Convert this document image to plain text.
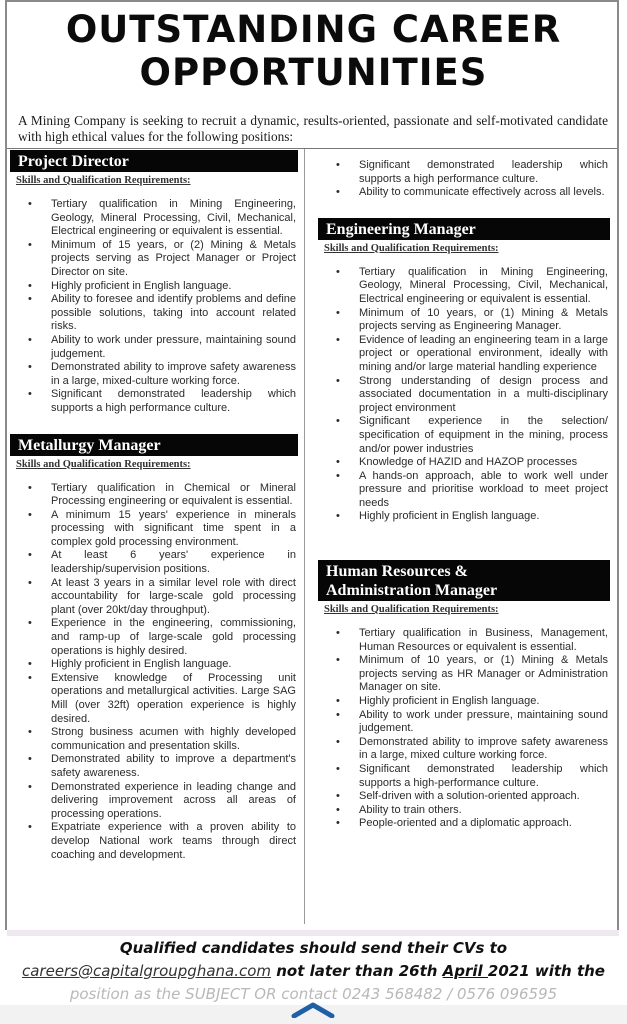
OUTSTANDING CAREER
OPPORTUNITIES
A Mining Company is seeking to recruit a dynamic, results-oriented, passionate and self-motivated candidate with high ethical values for the following positions:
Project Director
Skills and Qualification Requirements:
• Tertiary qualification in Mining Engineering, Geology, Mineral Processing, Civil, Mechanical, Electrical engineering or equivalent is essential.
• Minimum of 15 years, or (2) Mining & Metals projects serving as Project Manager or Project Director on site.
• Highly proficient in English language.
• Ability to foresee and identify problems and define possible solutions, taking into account related risks.
• Ability to work under pressure, maintaining sound judgement.
• Demonstrated ability to improve safety awareness in a large, mixed-culture working force.
• Significant demonstrated leadership which supports a high performance culture.
Metallurgy Manager
Skills and Qualification Requirements:
• Tertiary qualification in Chemical or Mineral Processing engineering or equivalent is essential.
• A minimum 15 years' experience in minerals processing with significant time spent in a complex gold processing environment.
• At least 6 years' experience in leadership/supervision positions.
• At least 3 years in a similar level role with direct accountability for large-scale gold processing plant (over 20kt/day throughput).
• Experience in the engineering, commissioning, and ramp-up of large-scale gold processing operations is highly desired.
• Highly proficient in English language.
• Extensive knowledge of Processing unit operations and metallurgical activities. Large SAG Mill (over 32ft) operation experience is highly desired.
• Strong business acumen with highly developed communication and presentation skills.
• Demonstrated ability to improve a department's safety awareness.
• Demonstrated experience in leading change and delivering improvement across all areas of processing operations.
• Expatriate experience with a proven ability to develop National work teams through direct coaching and development.
• Significant demonstrated leadership which supports a high performance culture.
• Ability to communicate effectively across all levels.
Engineering Manager
Skills and Qualification Requirements:
• Tertiary qualification in Mining Engineering, Geology, Mineral Processing, Civil, Mechanical, Electrical engineering or equivalent is essential.
• Minimum of 10 years, or (1) Mining & Metals projects serving as Engineering Manager.
• Evidence of leading an engineering team in a large project or operational environment, ideally with mining and/or large material handling experience
• Strong understanding of design process and associated documentation in a multi-disciplinary project environment
• Significant experience in the selection/ specification of equipment in the mining, process and/or power industries
• Knowledge of HAZID and HAZOP processes
• A hands-on approach, able to work well under pressure and prioritise workload to meet project needs
• Highly proficient in English language.
Human Resources &
Administration Manager
Skills and Qualification Requirements:
• Tertiary qualification in Business, Management, Human Resources or equivalent is essential.
• Minimum of 10 years, or (1) Mining & Metals projects serving as HR Manager or Administration Manager on site.
• Highly proficient in English language.
• Ability to work under pressure, maintaining sound judgement.
• Demonstrated ability to improve safety awareness in a large, mixed culture working force.
• Significant demonstrated leadership which supports a high-performance culture.
• Self-driven with a solution-oriented approach.
• Ability to train others.
• People-oriented and a diplomatic approach.
Qualified candidates should send their CVs to
careers@capitalgroupghana.com not later than 26th April 2021 with the
position as the SUBJECT OR contact 0243 568482 / 0576 096595
